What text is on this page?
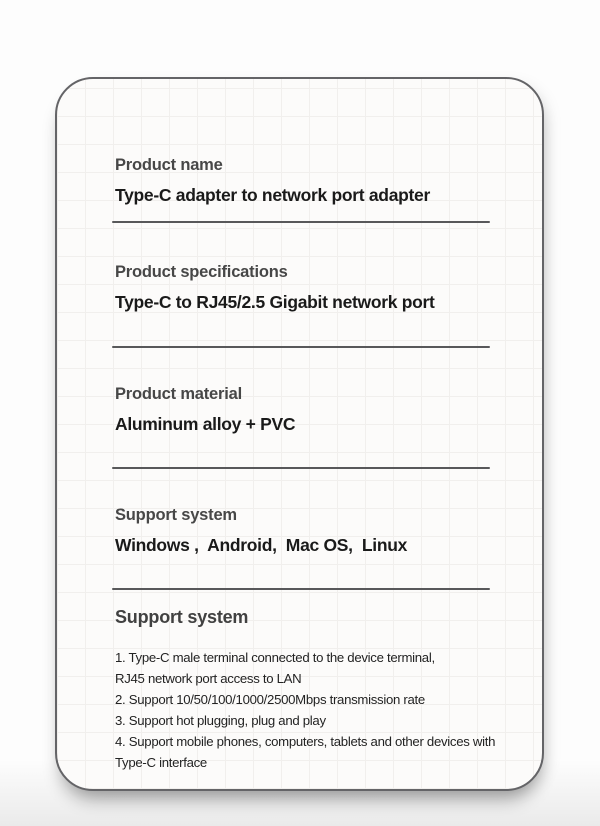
Product name
Type-C adapter to network port adapter
Product specifications
Type-C to RJ45/2.5 Gigabit network port
Product material
Aluminum alloy + PVC
Support system
Windows ,  Android,  Mac OS,  Linux
Support system
1. Type-C male terminal connected to the device terminal,
RJ45 network port access to LAN
2. Support 10/50/100/1000/2500Mbps transmission rate
3. Support hot plugging, plug and play
4. Support mobile phones, computers, tablets and other devices with
Type-C interface
